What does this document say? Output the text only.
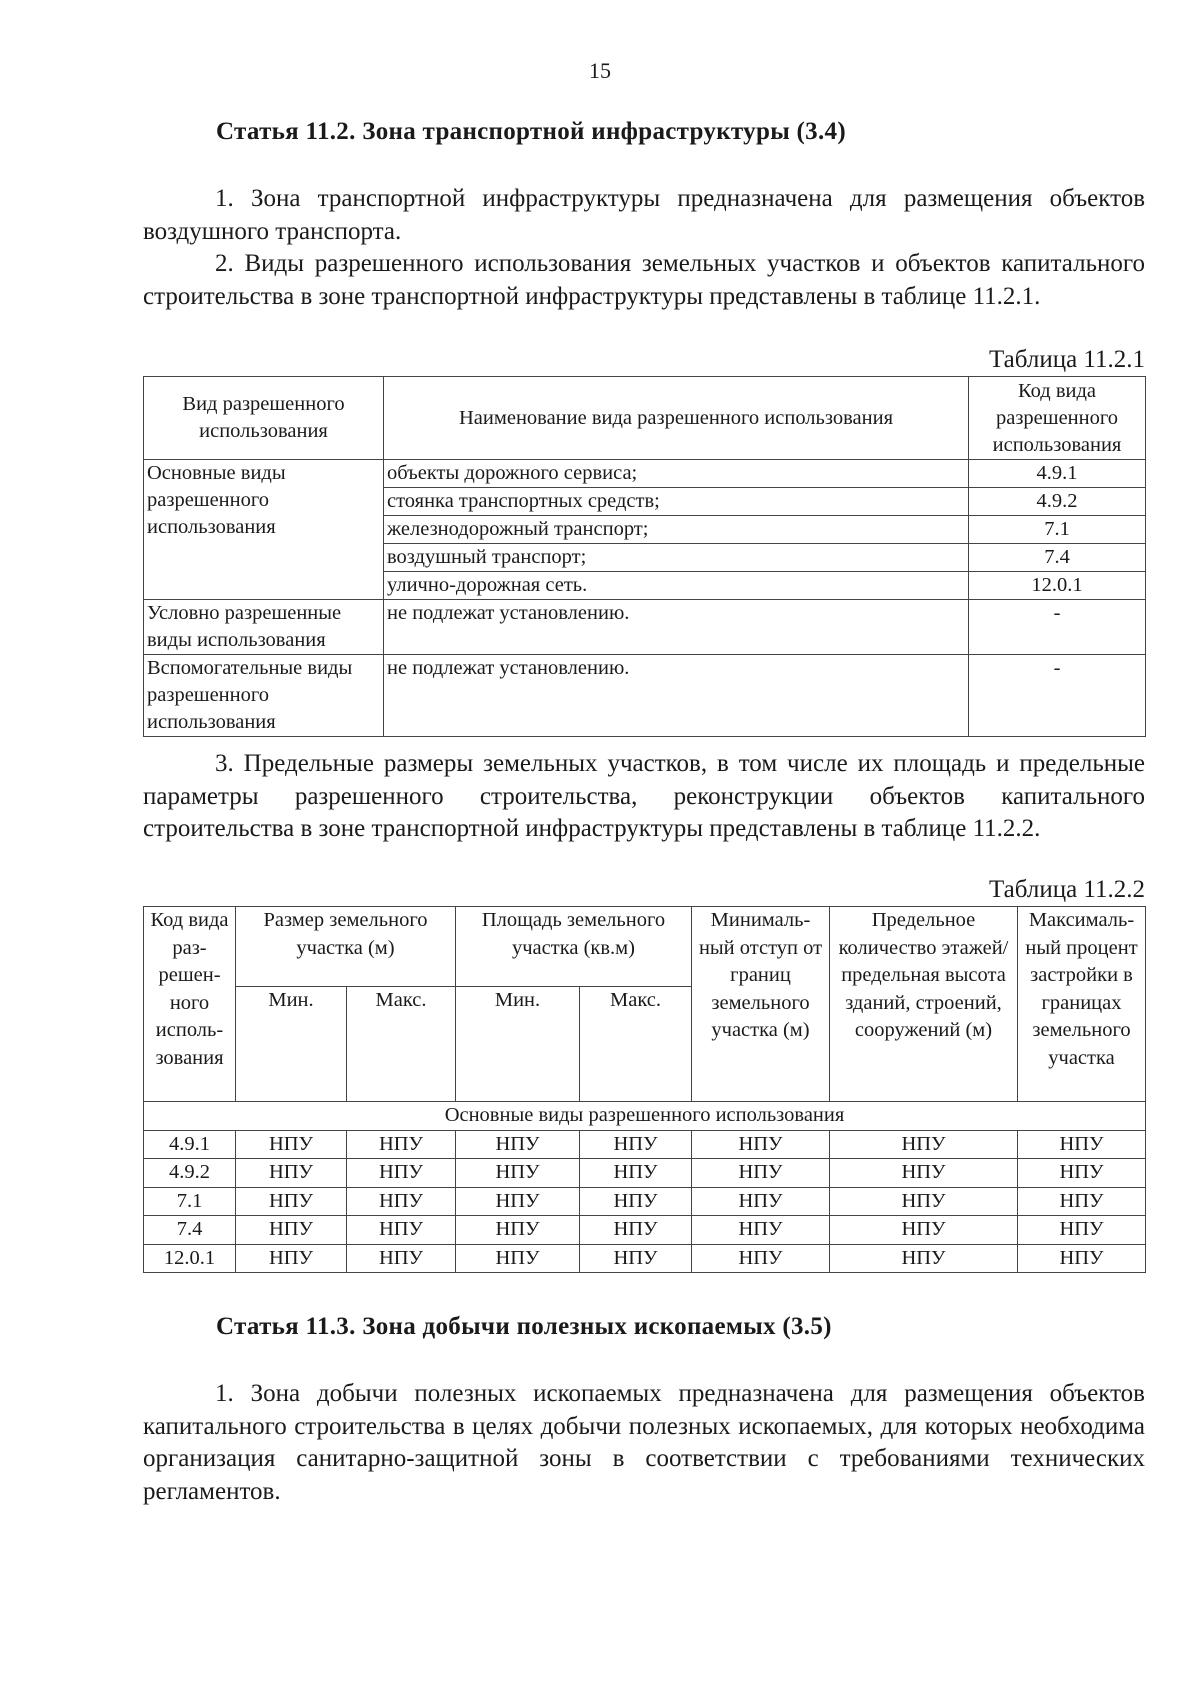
15
Статья 11.2. Зона транспортной инфраструктуры (3.4)
1. Зона транспортной инфраструктуры предназначена для размещения объектов воздушного транспорта.
2. Виды разрешенного использования земельных участков и объектов капитального строительства в зоне транспортной инфраструктуры представлены в таблице 11.2.1.
Таблица 11.2.1
Вид разрешенного использования	Наименование вида разрешенного использования	Код вида разрешенного использования
Основные виды разрешенного использования	объекты дорожного сервиса;	4.9.1
	стоянка транспортных средств;	4.9.2
	железнодорожный транспорт;	7.1
	воздушный транспорт;	7.4
	улично-дорожная сеть.	12.0.1
Условно разрешенные виды использования	не подлежат установлению.	-
Вспомогательные виды разрешенного использования	не подлежат установлению.	-
3. Предельные размеры земельных участков, в том числе их площадь и предельные параметры разрешенного строительства, реконструкции объектов капитального строительства в зоне транспортной инфраструктуры представлены в таблице 11.2.2.
Таблица 11.2.2
Код вида раз-решен-ного исполь-зования	Размер земельного участка (м)		Площадь земельного участка (кв.м)		Минималь-ный отступ от границ земельного участка (м)	Предельное количество этажей/ предельная высота зданий, строений, сооружений (м)	Максималь-ный процент застройки в границах земельного участка
	Мин.	Макс.	Мин.	Макс.			
Основные виды разрешенного использования							
4.9.1	НПУ	НПУ	НПУ	НПУ	НПУ	НПУ	НПУ
4.9.2	НПУ	НПУ	НПУ	НПУ	НПУ	НПУ	НПУ
7.1	НПУ	НПУ	НПУ	НПУ	НПУ	НПУ	НПУ
7.4	НПУ	НПУ	НПУ	НПУ	НПУ	НПУ	НПУ
12.0.1	НПУ	НПУ	НПУ	НПУ	НПУ	НПУ	НПУ
Статья 11.3. Зона добычи полезных ископаемых (3.5)
1. Зона добычи полезных ископаемых предназначена для размещения объектов капитального строительства в целях добычи полезных ископаемых, для которых необходима организация санитарно-защитной зоны в соответствии с требованиями технических регламентов.
